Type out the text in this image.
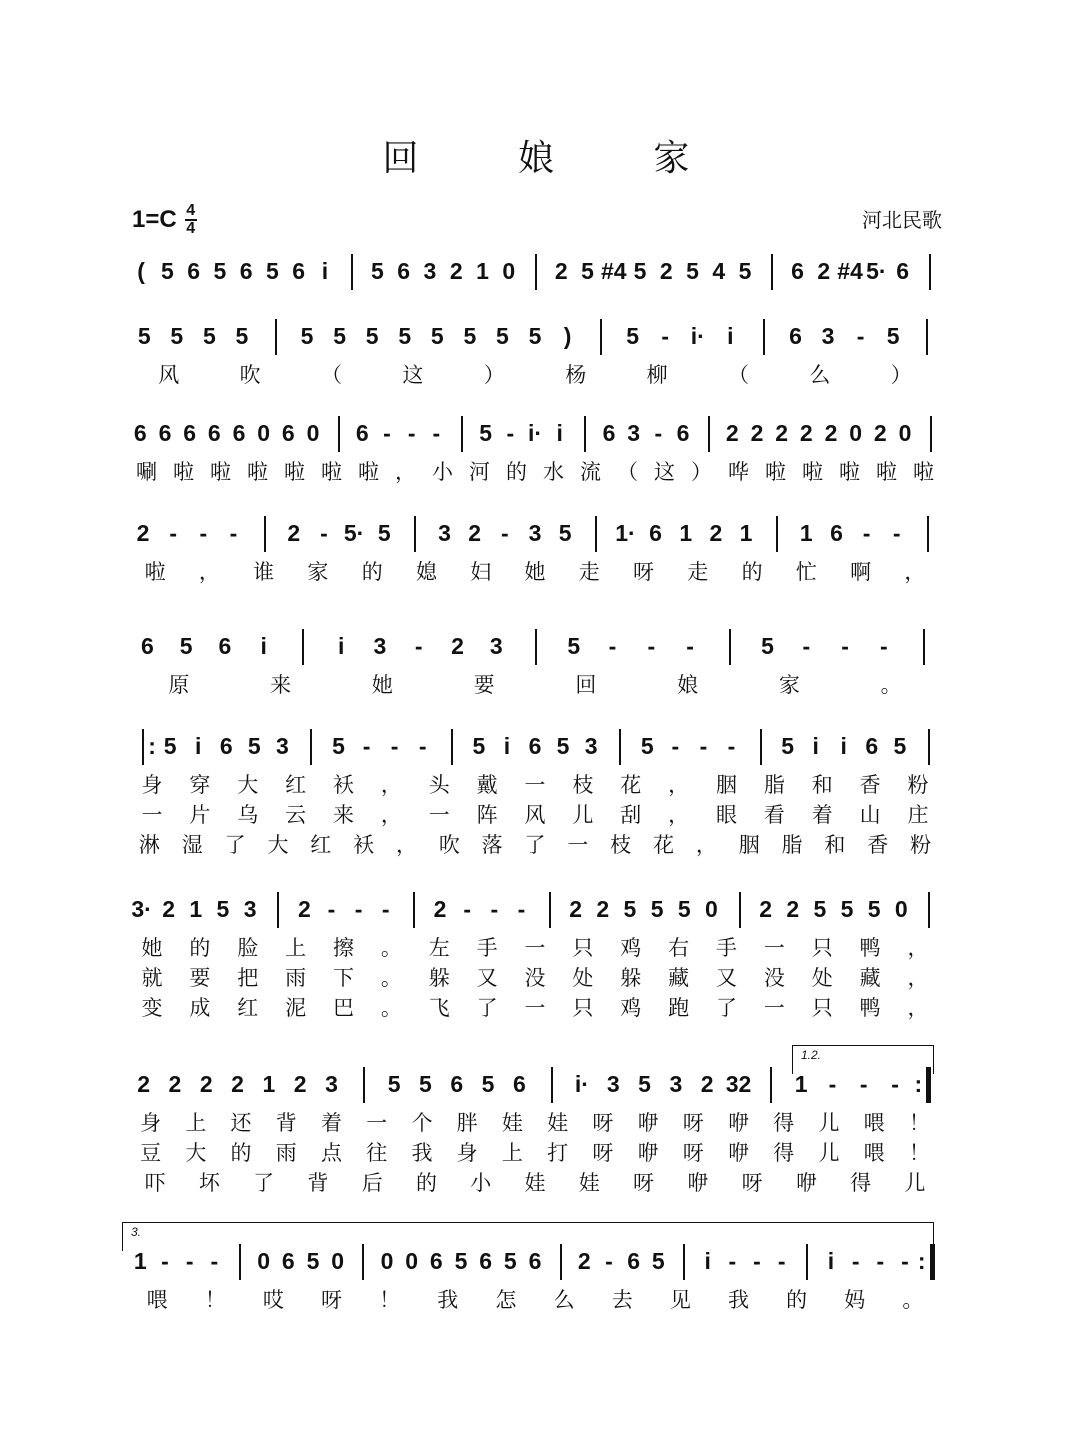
回 娘 家
$1=C \frac{4}{4}$	河北民歌
( 5 6 5 6 5 6 i 5 6 3 2 1 0 2 5 #4 5 2 5 4 5 6 2 #4 5· 6
5 5 5 5 5 5 5 5 5 5 5 5 ) 5 - i· i 6 3 - 5
风	吹	（	这	）	杨	柳	（	么	）
6 6 6 6 6 0 6 0 6 - - - 5 - i· i 6 3 - 6 2 2 2 2 2 0 2 0
唰 啦 啦 啦 啦 啦 啦 ， 小 河 的 水 流 （ 这 ） 哗 啦 啦 啦 啦 啦
2 - - - 2 - 5· 5 3 2 - 3 5 1· 6 1 2 1 1 6 - -
啦 ， 谁 家 的 媳 妇 她 走 呀 走 的 忙 啊 ，
6 5 6 i	i 3 - 2 3	5 - - -	5 - - -
原	来	她	要	回	娘	家	。
: 5 i 6 5 3 5 - - - 5 i 6 5 3 5 - - - 5 i i 6 5
身 穿 大 红 袄 ， 头 戴 一 枝 花 ， 胭 脂 和 香 粉
一 片 乌 云 来 ， 一 阵 风 儿 刮 ， 眼 看 着 山 庄
淋 湿 了 大 红 袄 ， 吹 落 了 一 枝 花 ， 胭 脂 和 香 粉
3· 2 1 5 3 2 - - - 2 - - - 2 2 5 5 5 0 2 2 5 5 5 0
她 的 脸 上 擦 。 左 手 一 只 鸡 右 手 一 只 鸭 ，
就 要 把 雨 下 。 躲 又 没 处 躲 藏 又 没 处 藏 ，
变 成 红 泥 巴 。 飞 了 一 只 鸡 跑 了 一 只 鸭 ，
2 2 2 2 1 2 3 5 5 6 5 6 i· 3 5 3 2 32 1 - - - :
1.2.
身 上 还 背 着 一 个 胖 娃 娃 呀 咿 呀 咿 得 儿 喂 ！
豆 大 的 雨 点 往 我 身 上 打 呀 咿 呀 咿 得 儿 喂 ！
吓 坏 了 背 后 的 小 娃 娃 呀 咿 呀 咿 得 儿
1 - - - 0 6 5 0 0 0 6 5 6 5 6 2 - 6 5 i - - - i - - - :
3.
喂 ！ 哎 呀 ！ 我 怎 么 去 见 我 的 妈 。
